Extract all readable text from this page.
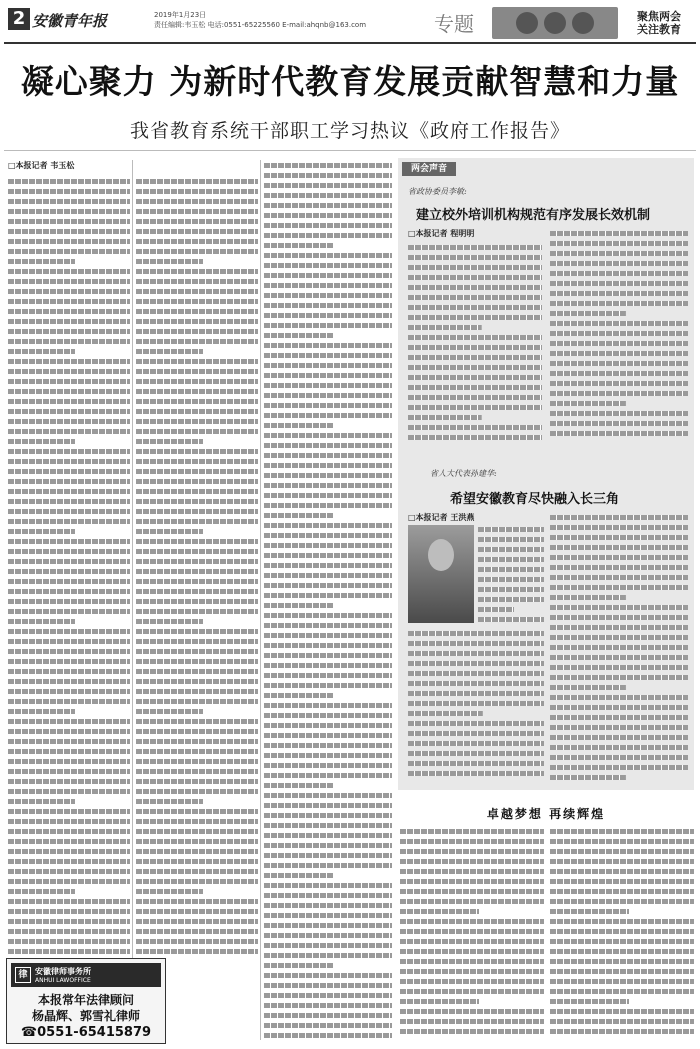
2 安徽青年报	2019年1月23日
责任编辑:韦玉松 电话:0551-65225560 E-mail:ahqnb@163.com	专题	聚焦两会
关注教育
凝心聚力 为新时代教育发展贡献智慧和力量
我省教育系统干部职工学习热议《政府工作报告》
□本报记者 韦玉松	两会声音
省政协委员李敏:
建立校外培训机构规范有序发展长效机制
□本报记者 程明明
省人大代表孙建华:
希望安徽教育尽快融入长三角
□本报记者 王洪燕
卓越梦想 再续辉煌
律 安徽律师事务所
ANHUI LAWOFFICE
本报常年法律顾问
杨晶辉、郭雪礼律师
☎0551-65415879
